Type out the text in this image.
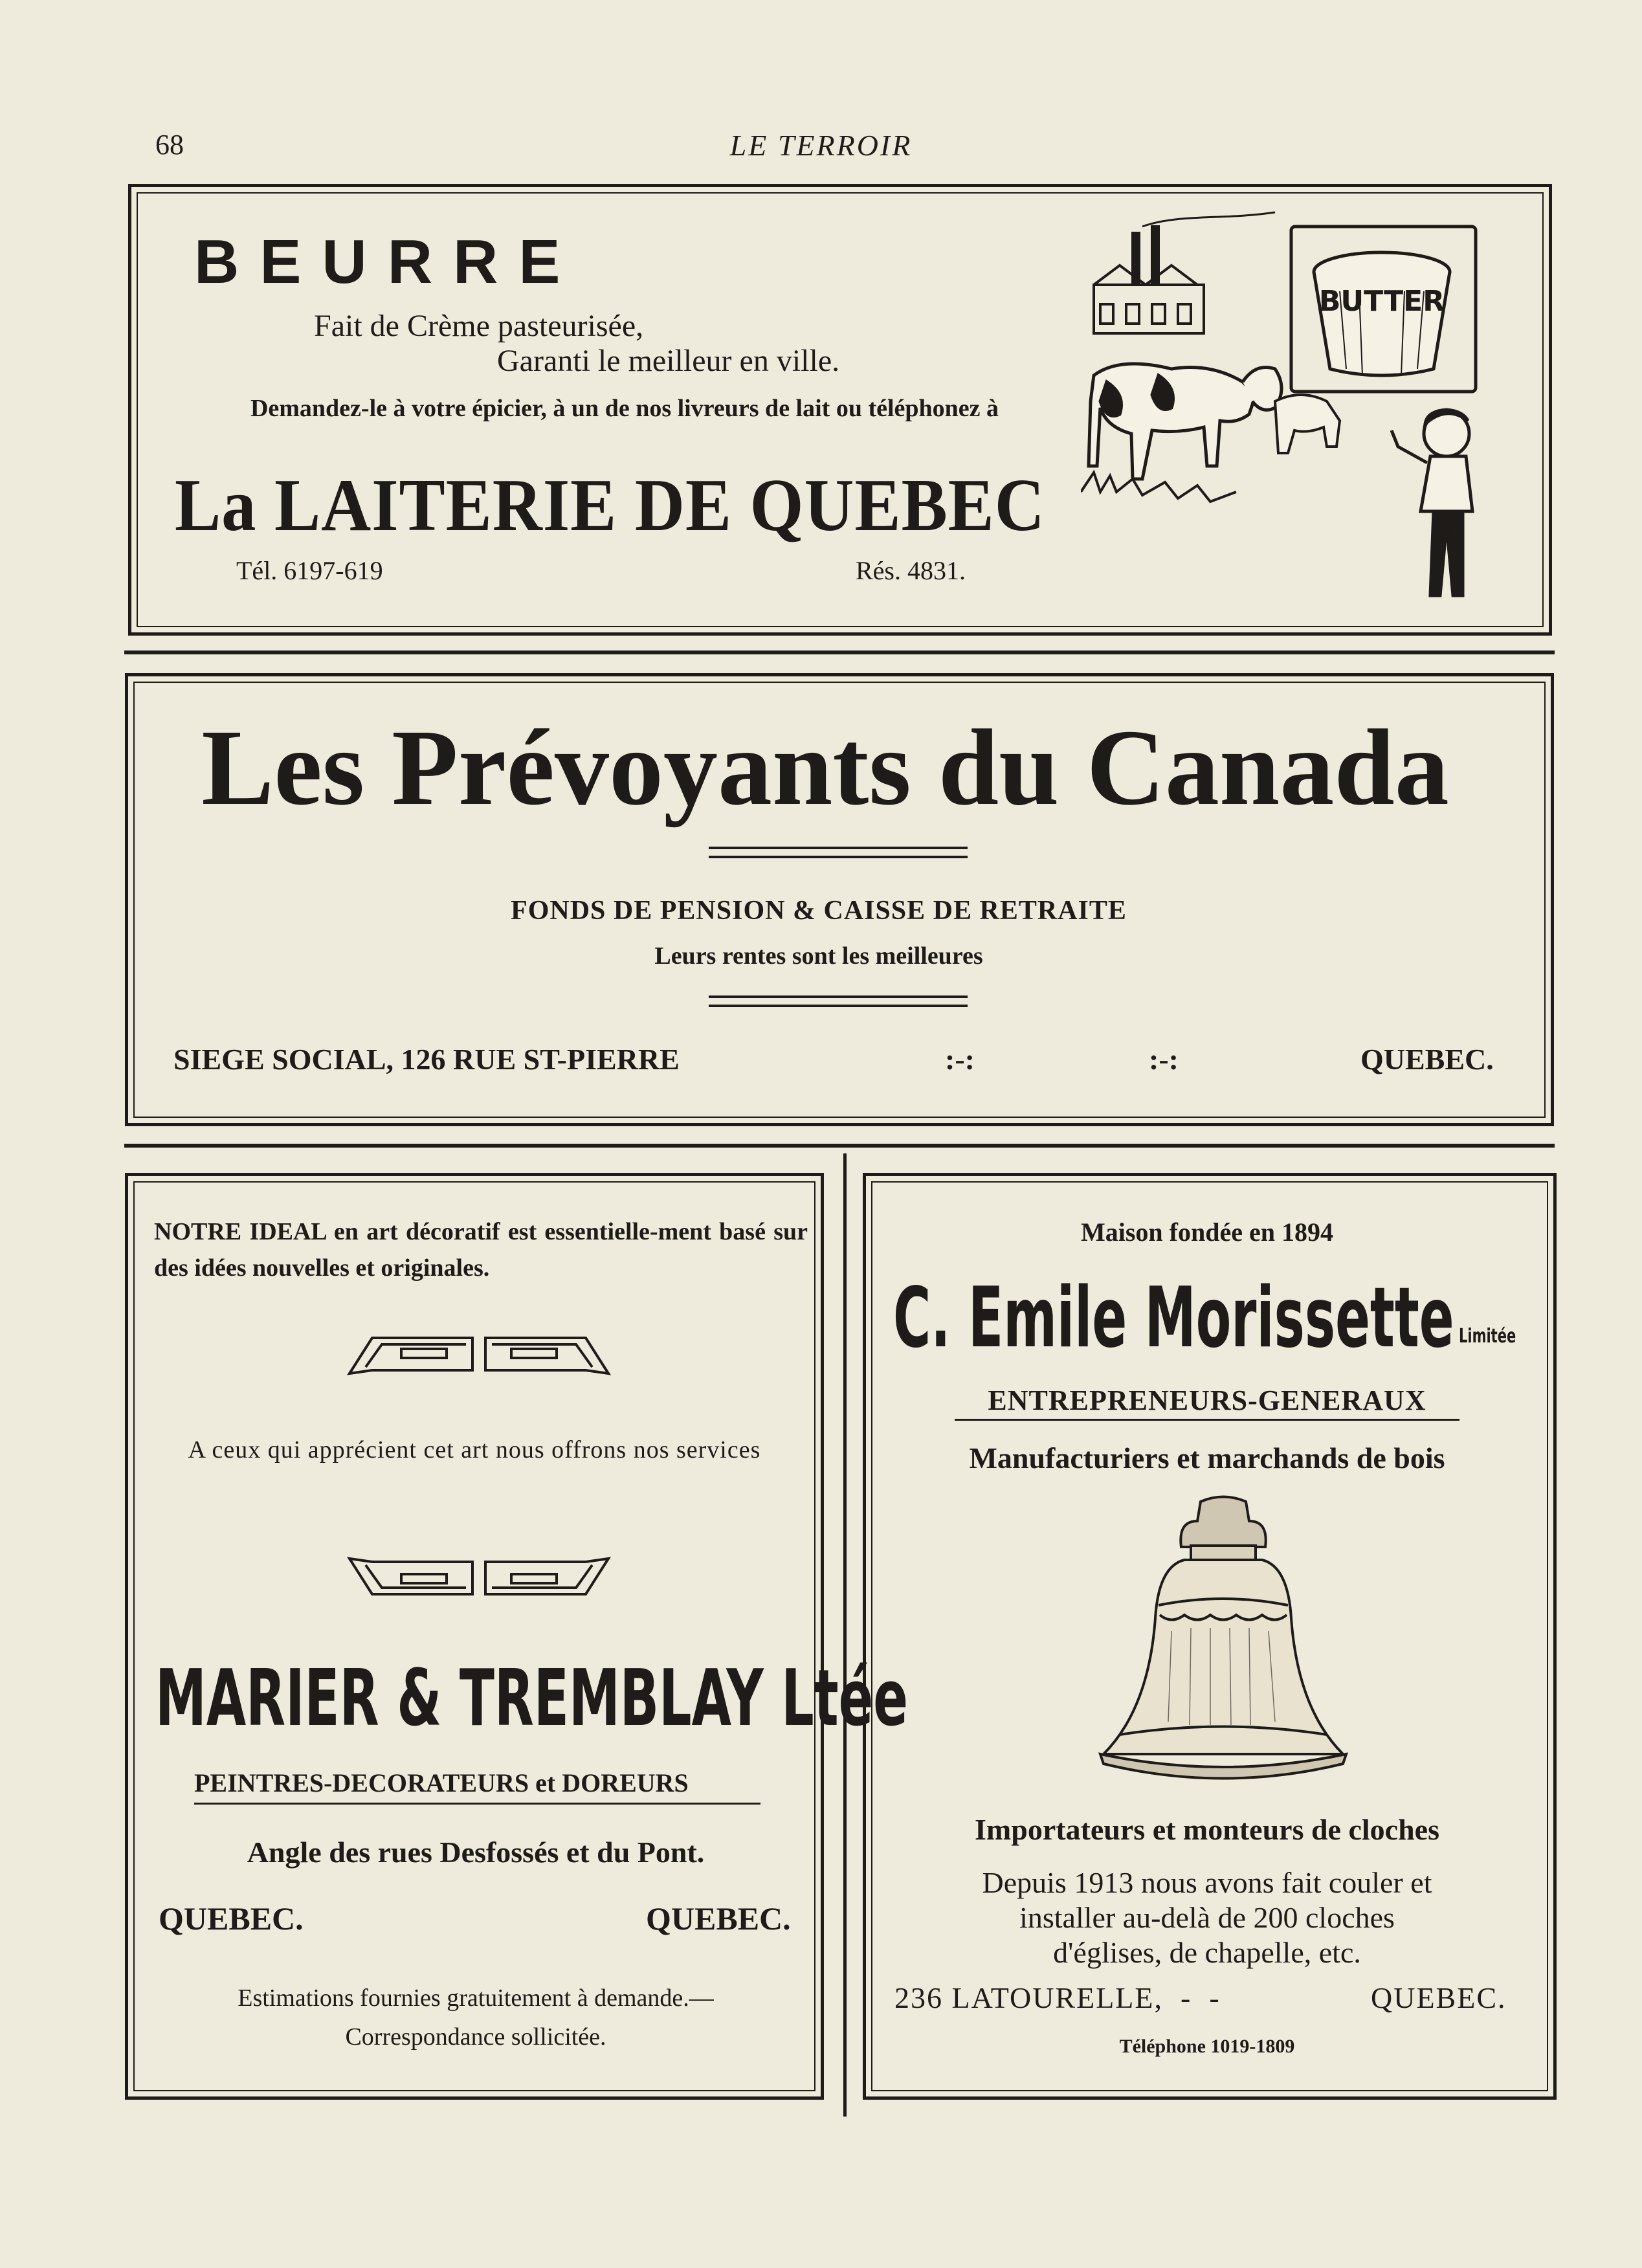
68	LE TERROIR
BEURRE
Fait de Crème pasteurisée,
Garanti le meilleur en ville.
Demandez-le à votre épicier, à un de nos livreurs de lait ou téléphonez à
La LAITERIE DE QUEBEC
Tél. 6197-619	Rés. 4831.
BUTTER
Les Prévoyants du Canada
FONDS DE PENSION & CAISSE DE RETRAITE
Leurs rentes sont les meilleures
SIEGE SOCIAL, 126 RUE ST-PIERRE	:-:	:-:	QUEBEC.
NOTRE IDEAL en art décoratif est essentielle-ment basé sur des idées nouvelles et originales.
A ceux qui apprécient cet art nous offrons nos services
MARIER & TREMBLAY Ltée
PEINTRES-DECORATEURS et DOREURS
Angle des rues Desfossés et du Pont.
QUEBEC.	QUEBEC.
Estimations fournies gratuitement à demande.—
Correspondance sollicitée.
Maison fondée en 1894
C. Emile Morissette Limitée
ENTREPRENEURS-GENERAUX
Manufacturiers et marchands de bois
Importateurs et monteurs de cloches
Depuis 1913 nous avons fait couler et
installer au-delà de 200 cloches
d'églises, de chapelle, etc.
236 LATOURELLE,  -  -	QUEBEC.
Téléphone 1019-1809
